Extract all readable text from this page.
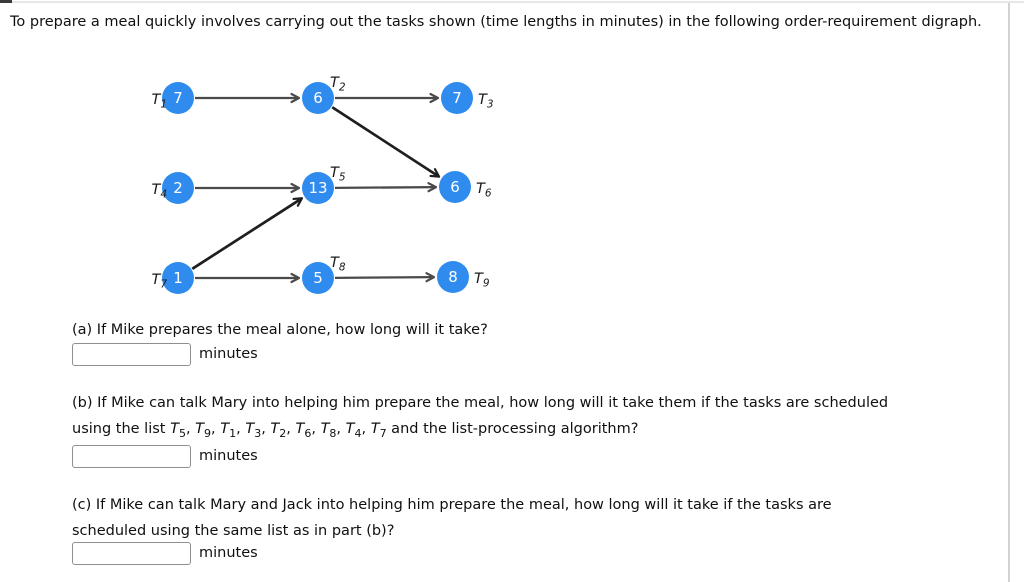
To prepare a meal quickly involves carrying out the tasks shown (time lengths in minutes) in the following order-requirement digraph.

7
$T_1$	6
$T_2$
7 $T_3$
2
$T_4$	13
$T_5$
6 $T_6$
1
$T_7$	5
$T_8$
8 $T_9$
(a) If Mike prepares the meal alone, how long will it take?
minutes
(b) If Mike can talk Mary into helping him prepare the meal, how long will it take them if the tasks are scheduled
using the list $T_5$, $T_9$, $T_1$, $T_3$, $T_2$, $T_6$, $T_8$, $T_4$, $T_7$ and the list-processing algorithm?
minutes
(c) If Mike can talk Mary and Jack into helping him prepare the meal, how long will it take if the tasks are
scheduled using the same list as in part (b)?
minutes
